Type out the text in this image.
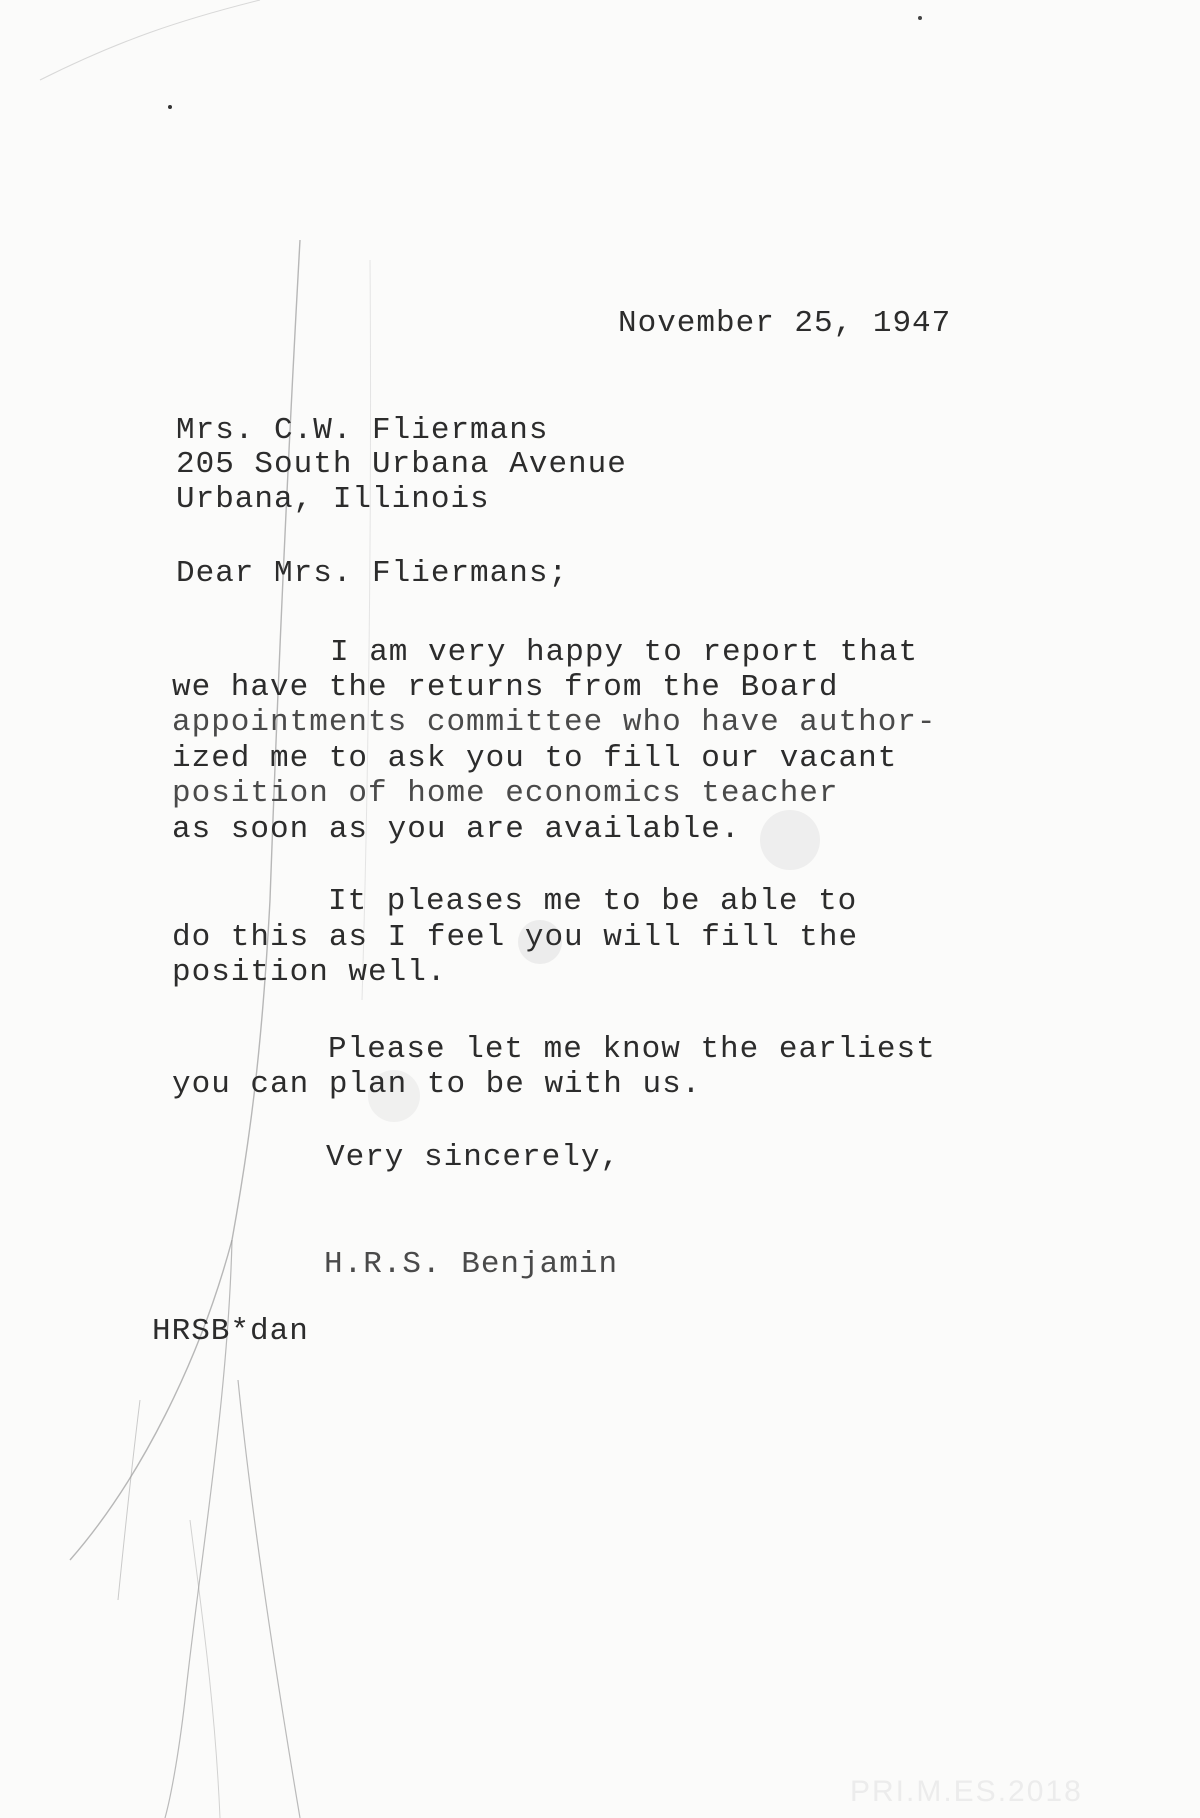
November 25, 1947
Mrs. C.W. Fliermans
205 South Urbana Avenue
Urbana, Illinois
Dear Mrs. Fliermans;
I am very happy to report that
we have the returns from the Board
appointments committee who have author-
ized me to ask you to fill our vacant
position of home economics teacher
as soon as you are available.
It pleases me to be able to
do this as I feel you will fill the
position well.
Please let me know the earliest
you can plan to be with us.
Very sincerely,
H.R.S. Benjamin
HRSB*dan
PRI.M.ES.2018
